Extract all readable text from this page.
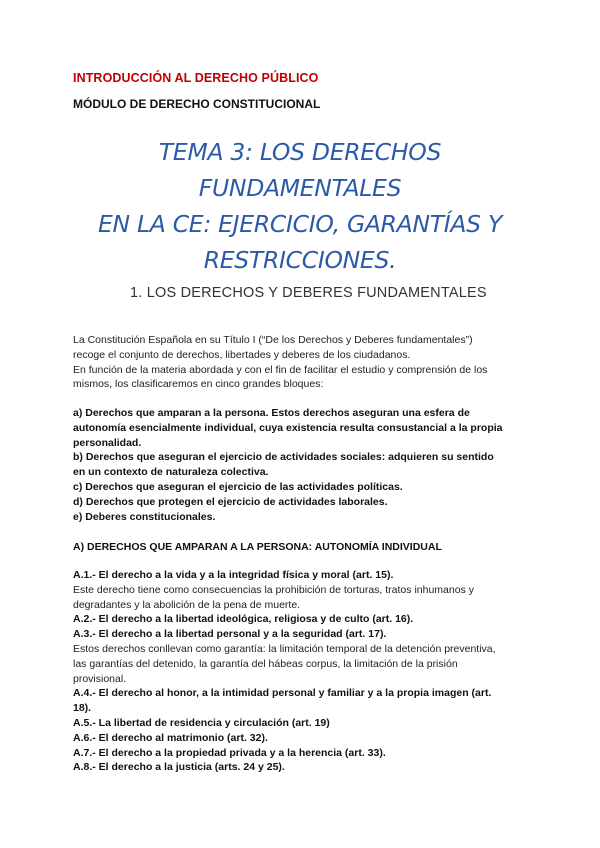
INTRODUCCIÓN AL DERECHO PÚBLICO
MÓDULO DE DERECHO CONSTITUCIONAL
TEMA 3: LOS DERECHOS FUNDAMENTALES
EN LA CE: EJERCICIO, GARANTÍAS Y
RESTRICCIONES.
1. LOS DERECHOS Y DEBERES FUNDAMENTALES

La Constitución Española en su Título I (“De los Derechos y Deberes fundamentales”)

recoge el conjunto de derechos, libertades y deberes de los ciudadanos.

En función de la materia abordada y con el fin de facilitar el estudio y comprensión de los

mismos, los clasificaremos en cinco grandes bloques:

a) Derechos que amparan a la persona. Estos derechos aseguran una esfera de

autonomía esencialmente individual, cuya existencia resulta consustancial a la propia

personalidad.

b) Derechos que aseguran el ejercicio de actividades sociales: adquieren su sentido

en un contexto de naturaleza colectiva.

c) Derechos que aseguran el ejercicio de las actividades políticas.

d) Derechos que protegen el ejercicio de actividades laborales.

e) Deberes constitucionales.

A) DERECHOS QUE AMPARAN A LA PERSONA: AUTONOMÍA INDIVIDUAL

A.1.- El derecho a la vida y a la integridad física y moral (art. 15).

Este derecho tiene como consecuencias la prohibición de torturas, tratos inhumanos y

degradantes y la abolición de la pena de muerte.

A.2.- El derecho a la libertad ideológica, religiosa y de culto (art. 16).

A.3.- El derecho a la libertad personal y a la seguridad (art. 17).

Estos derechos conllevan como garantía: la limitación temporal de la detención preventiva,

las garantías del detenido, la garantía del hábeas corpus, la limitación de la prisión

provisional.

A.4.- El derecho al honor, a la intimidad personal y familiar y a la propia imagen (art.

18).

A.5.- La libertad de residencia y circulación (art. 19)

A.6.- El derecho al matrimonio (art. 32).

A.7.- El derecho a la propiedad privada y a la herencia (art. 33).

A.8.- El derecho a la justicia (arts. 24 y 25).
